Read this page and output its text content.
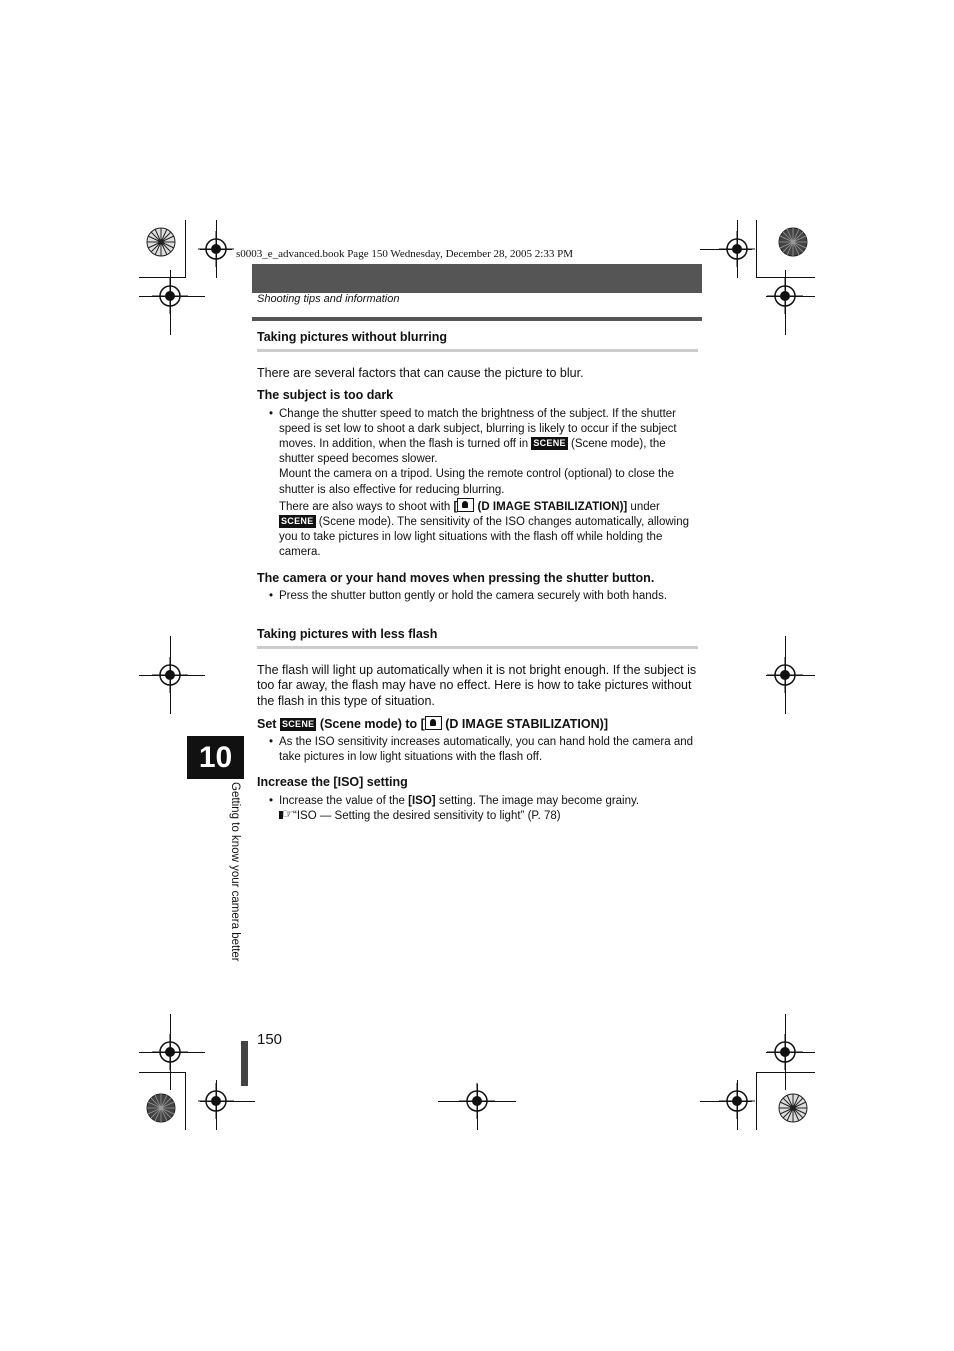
s0003_e_advanced.book Page 150 Wednesday, December 28, 2005 2:33 PM
Shooting tips and information
Taking pictures without blurring

There are several factors that can cause the picture to blur.

The subject is too dark
• Change the shutter speed to match the brightness of the subject. If the shutter speed is set low to shoot a dark subject, blurring is likely to occur if the subject moves. In addition, when the flash is turned off in SCENE (Scene mode), the shutter speed becomes slower.

Mount the camera on a tripod. Using the remote control (optional) to close the shutter is also effective for reducing blurring.

There are also ways to shoot with [ (D IMAGE STABILIZATION)] under
SCENE (Scene mode). The sensitivity of the ISO changes automatically, allowing you to take pictures in low light situations with the flash off while holding the camera.

The camera or your hand moves when pressing the shutter button.
• Press the shutter button gently or hold the camera securely with both hands.

Taking pictures with less flash

The flash will light up automatically when it is not bright enough. If the subject is too far away, the flash may have no effect. Here is how to take pictures without the flash in this type of situation.

Set SCENE (Scene mode) to [ (D IMAGE STABILIZATION)]
• As the ISO sensitivity increases automatically, you can hand hold the camera and take pictures in low light situations with the flash off.

Increase the [ISO] setting
• Increase the value of the [ISO] setting. The image may become grainy.

☞“ISO — Setting the desired sensitivity to light” (P. 78)

10
Getting to know your camera better
150
